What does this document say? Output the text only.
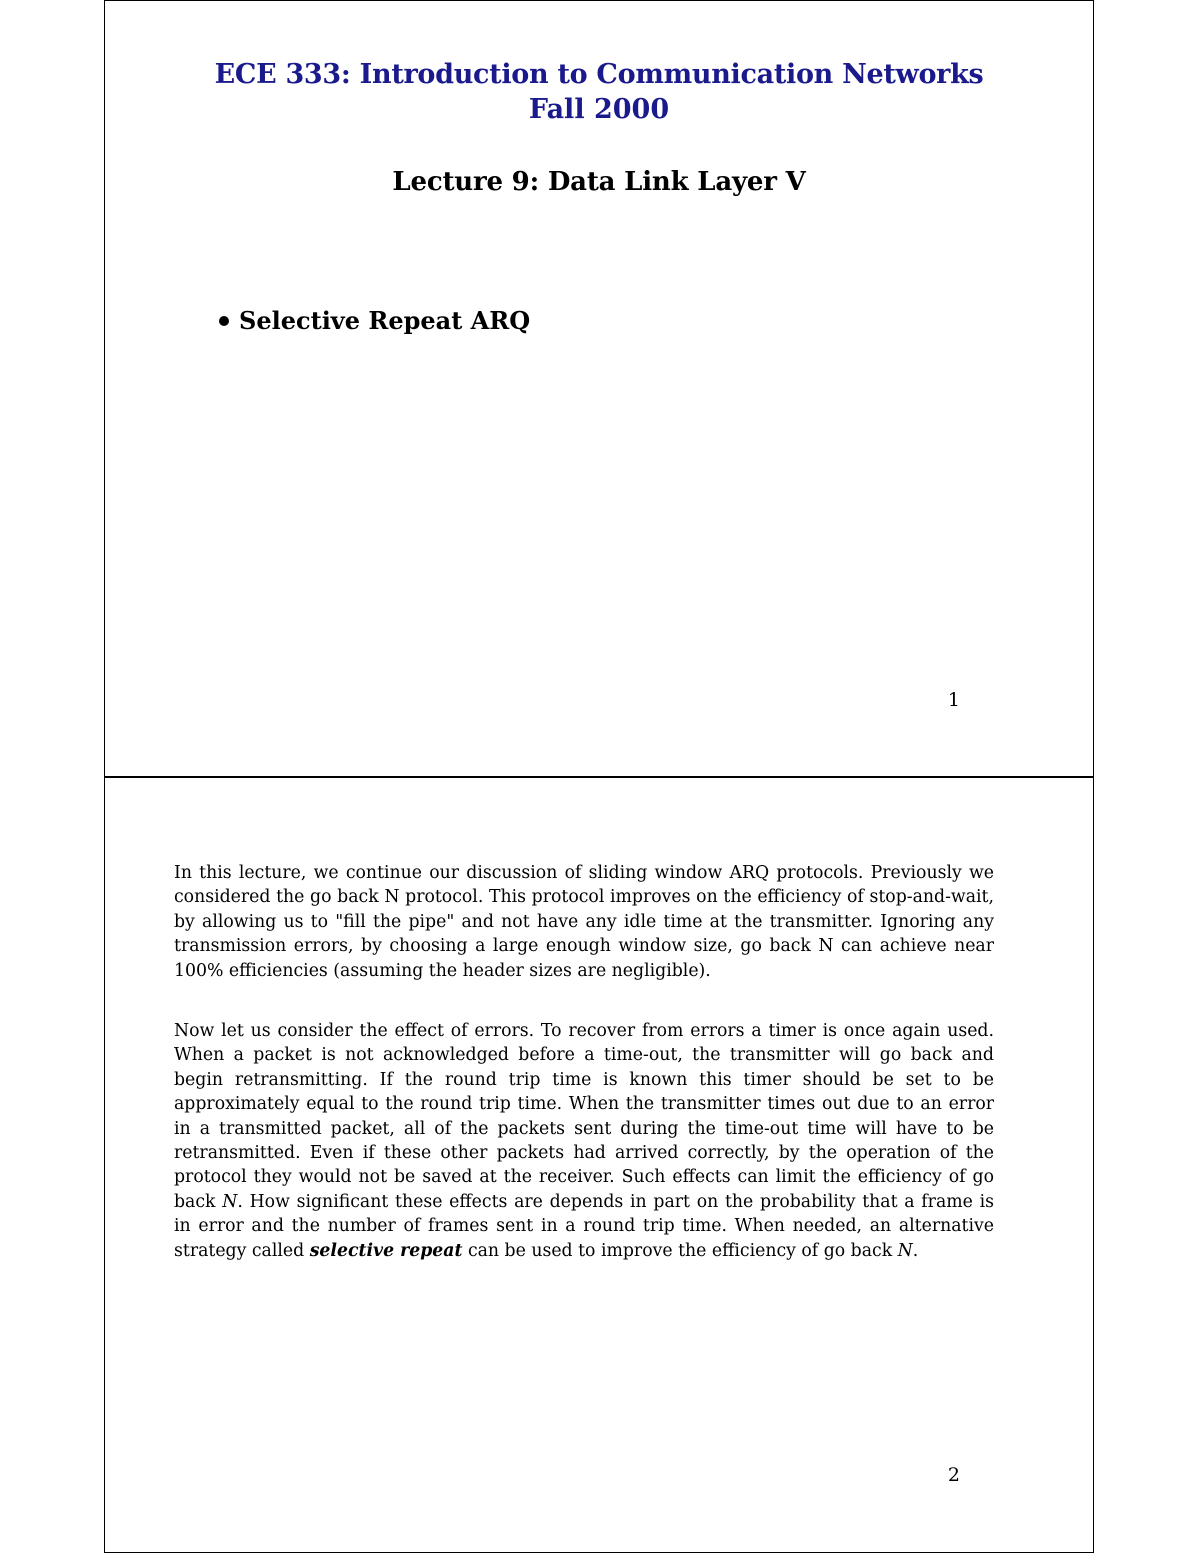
ECE 333: Introduction to Communication Networks
Fall 2000
Lecture 9: Data Link Layer V
Selective Repeat ARQ
1

In this lecture, we continue our discussion of sliding window ARQ protocols. Previously we considered the go back N protocol. This protocol improves on the efficiency of stop-and-wait, by allowing us to "fill the pipe" and not have any idle time at the transmitter. Ignoring any transmission errors, by choosing a large enough window size, go back N can achieve near 100% efficiencies (assuming the header sizes are negligible).

Now let us consider the effect of errors. To recover from errors a timer is once again used. When a packet is not acknowledged before a time-out, the transmitter will go back and begin retransmitting. If the round trip time is known this timer should be set to be approximately equal to the round trip time. When the transmitter times out due to an error in a transmitted packet, all of the packets sent during the time-out time will have to be retransmitted. Even if these other packets had arrived correctly, by the operation of the protocol they would not be saved at the receiver. Such effects can limit the efficiency of go back N. How significant these effects are depends in part on the probability that a frame is in error and the number of frames sent in a round trip time. When needed, an alternative strategy called selective repeat can be used to improve the efficiency of go back N.

2
